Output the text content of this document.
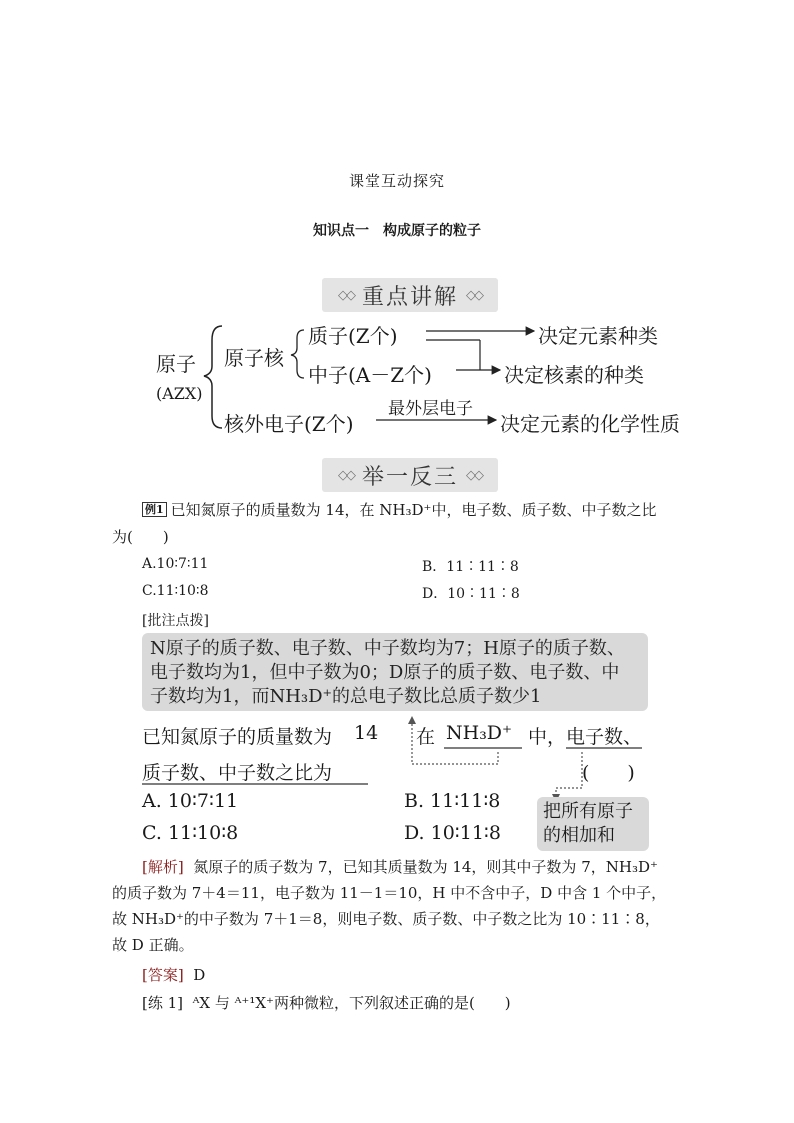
课堂互动探究
知识点一　构成原子的粒子
◇◇ 重点讲解 ◇◇
原子
(AZX)
原子核
质子(Z个)
中子(A－Z个)
核外电子(Z个)
最外层电子
决定元素种类
决定核素的种类
决定元素的化学性质
◇◇ 举一反三 ◇◇
例1 已知氮原子的质量数为 14，在 NH₃D⁺中，电子数、质子数、中子数之比
为(　　)
A.10∶7∶11	B．11∶11∶8
C.11∶10∶8	D．10∶11∶8
[批注点拨]
N原子的质子数、电子数、中子数均为7；H原子的质子数、
电子数均为1，但中子数为0；D原子的质子数、电子数、中
子数均为1，而NH₃D⁺的总电子数比总质子数少1
已知氮原子的质量数为 14 在 NH₃D⁺ 中， 电子数、
质子数、中子数之比为	(　　)
A. 10∶7∶11	B. 11∶11∶8
C. 11∶10∶8	D. 10∶11∶8
把所有原子的相加和
[解析] 氮原子的质子数为 7，已知其质量数为 14，则其中子数为 7，NH₃D⁺
的质子数为 7＋4＝11，电子数为 11－1＝10，H 中不含中子，D 中含 1 个中子，
故 NH₃D⁺的中子数为 7＋1＝8，则电子数、质子数、中子数之比为 10∶11∶8，
故 D 正确。
[答案] D
[练 1] ᴬX 与 ᴬ⁺¹X⁺两种微粒，下列叙述正确的是(　　)
